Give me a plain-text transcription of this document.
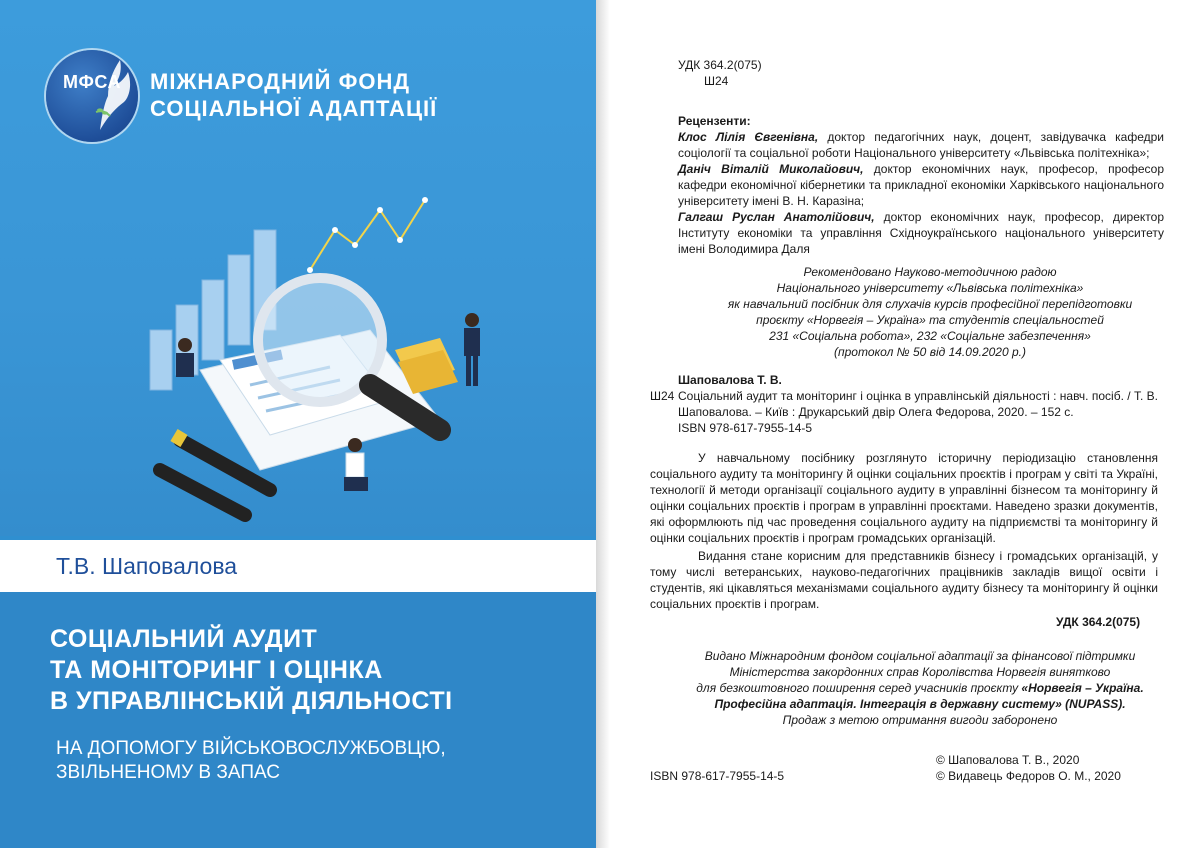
МФСА	МІЖНАРОДНИЙ ФОНД
СОЦІАЛЬНОЇ АДАПТАЦІЇ
Т.В. Шаповалова
СОЦІАЛЬНИЙ АУДИТ
ТА МОНІТОРИНГ І ОЦІНКА
В УПРАВЛІНСЬКІЙ ДІЯЛЬНОСТІ
НА ДОПОМОГУ ВІЙСЬКОВОСЛУЖБОВЦЮ,
ЗВІЛЬНЕНОМУ В ЗАПАС
УДК 364.2(075)
Ш24
Рецензенти:
Клос Лілія Євгенівна, доктор педагогічних наук, доцент, завідувачка кафедри соціології та соціальної роботи Національного університету «Львівська політехніка»;
Даніч Віталій Миколайович, доктор економічних наук, професор, професор кафедри економічної кібернетики та прикладної економіки Харківського національного університету імені В. Н. Каразіна;
Галгаш Руслан Анатолійович, доктор економічних наук, професор, директор Інституту економіки та управління Східноукраїнського національного університету імені Володимира Даля
Рекомендовано Науково-методичною радою
Національного університету «Львівська політехніка»
як навчальний посібник для слухачів курсів професійної перепідготовки
проєкту «Норвегія – Україна» та студентів спеціальностей
231 «Соціальна робота», 232 «Соціальне забезпечення»
(протокол № 50 від 14.09.2020 р.)
Шаповалова Т. В.
Ш24 Соціальний аудит та моніторинг і оцінка в управлінській діяльності : навч. посіб. / Т. В. Шаповалова. – Київ : Друкарський двір Олега Федорова, 2020. – 152 с.
ISBN 978-617-7955-14-5
У навчальному посібнику розглянуто історичну періодизацію становлення соціального аудиту та моніторингу й оцінки соціальних проєктів і програм у світі та Україні, технології й методи організації соціального аудиту в управлінні бізнесом та моніторингу й оцінки соціальних проєктів і програм в управлінні проєктами. Наведено зразки документів, які оформлюють під час проведення соціального аудиту на підприємстві та моніторингу й оцінки соціальних проєктів і програм громадських організацій.
Видання стане корисним для представників бізнесу і громадських організацій, у тому числі ветеранських, науково-педагогічних працівників закладів вищої освіти і студентів, які цікавляться механізмами соціального аудиту бізнесу та моніторингу й оцінки соціальних проєктів і програм.
УДК 364.2(075)
Видано Міжнародним фондом соціальної адаптації за фінансової підтримки
Міністерства закордонних справ Королівства Норвегія винятково
для безкоштовного поширення серед учасників проєкту «Норвегія – Україна.
Професійна адаптація. Інтеграція в державну систему» (NUPASS).
Продаж з метою отримання вигоди заборонено
ISBN 978-617-7955-14-5
© Шаповалова Т. В., 2020
© Видавець Федоров О. М., 2020
